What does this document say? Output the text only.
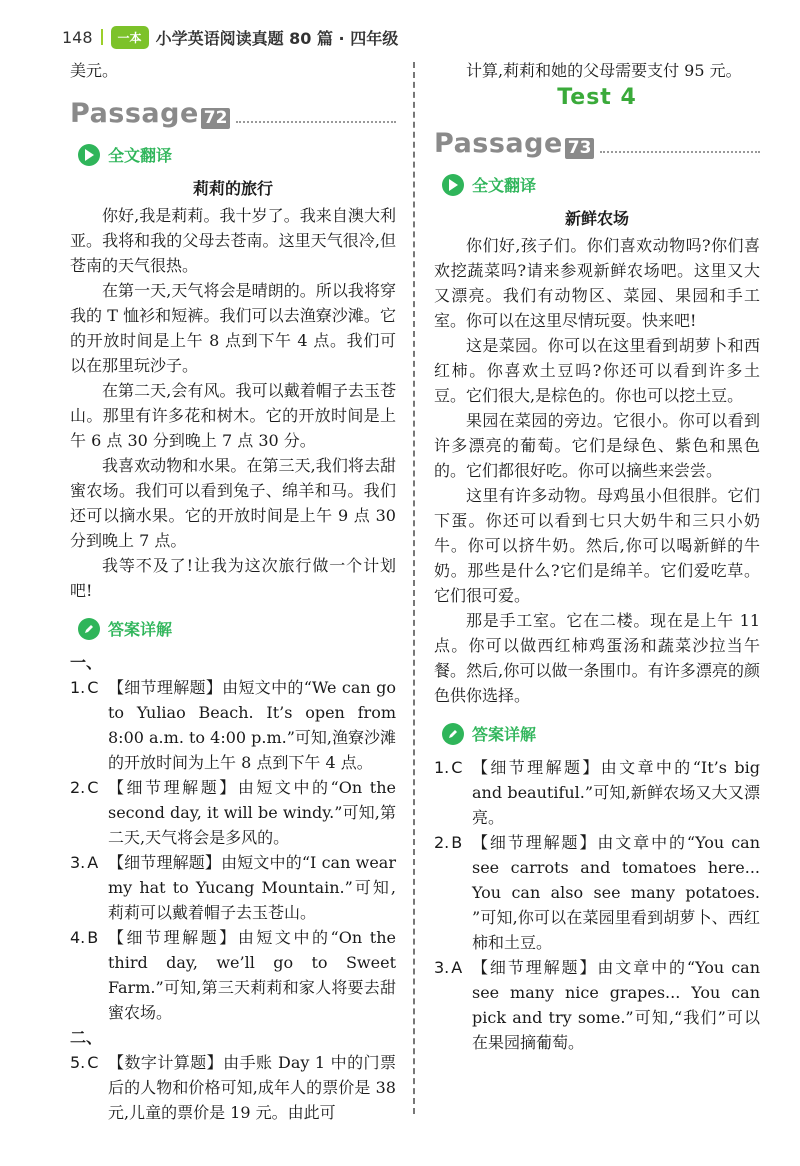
148	一本 小学英语阅读真题 80 篇 · 四年级
美元。
Passage 72
全文翻译
莉莉的旅行
你好,我是莉莉。我十岁了。我来自澳大利亚。我将和我的父母去苍南。这里天气很冷,但苍南的天气很热。
在第一天,天气将会是晴朗的。所以我将穿我的 T 恤衫和短裤。我们可以去渔寮沙滩。它的开放时间是上午 8 点到下午 4 点。我们可以在那里玩沙子。
在第二天,会有风。我可以戴着帽子去玉苍山。那里有许多花和树木。它的开放时间是上午 6 点 30 分到晚上 7 点 30 分。
我喜欢动物和水果。在第三天,我们将去甜蜜农场。我们可以看到兔子、绵羊和马。我们还可以摘水果。它的开放时间是上午 9 点 30 分到晚上 7 点。
我等不及了!让我为这次旅行做一个计划吧!
答案详解
一、
1. C 【细节理解题】由短文中的“We can go to Yuliao Beach. It’s open from 8:00 a.m. to 4:00 p.m.”可知,渔寮沙滩的开放时间为上午 8 点到下午 4 点。
2. C 【细节理解题】由短文中的“On the second day, it will be windy.”可知,第二天,天气将会是多风的。
3. A 【细节理解题】由短文中的“I can wear my hat to Yucang Mountain.”可知,莉莉可以戴着帽子去玉苍山。
4. B 【细节理解题】由短文中的“On the third day, we’ll go to Sweet Farm.”可知,第三天莉莉和家人将要去甜蜜农场。
二、
5. C 【数字计算题】由手账 Day 1 中的门票后的人物和价格可知,成年人的票价是 38 元,儿童的票价是 19 元。由此可
计算,莉莉和她的父母需要支付 95 元。
Test 4
Passage 73
全文翻译
新鲜农场
你们好,孩子们。你们喜欢动物吗?你们喜欢挖蔬菜吗?请来参观新鲜农场吧。这里又大又漂亮。我们有动物区、菜园、果园和手工室。你可以在这里尽情玩耍。快来吧!
这是菜园。你可以在这里看到胡萝卜和西红柿。你喜欢土豆吗?你还可以看到许多土豆。它们很大,是棕色的。你也可以挖土豆。
果园在菜园的旁边。它很小。你可以看到许多漂亮的葡萄。它们是绿色、紫色和黑色的。它们都很好吃。你可以摘些来尝尝。
这里有许多动物。母鸡虽小但很胖。它们下蛋。你还可以看到七只大奶牛和三只小奶牛。你可以挤牛奶。然后,你可以喝新鲜的牛奶。那些是什么?它们是绵羊。它们爱吃草。它们很可爱。
那是手工室。它在二楼。现在是上午 11 点。你可以做西红柿鸡蛋汤和蔬菜沙拉当午餐。然后,你可以做一条围巾。有许多漂亮的颜色供你选择。
答案详解
1. C 【细节理解题】由文章中的“It’s big and beautiful.”可知,新鲜农场又大又漂亮。
2. B 【细节理解题】由文章中的“You can see carrots and tomatoes here... You can also see many potatoes. ”可知,你可以在菜园里看到胡萝卜、西红柿和土豆。
3. A 【细节理解题】由文章中的“You can see many nice grapes... You can pick and try some.”可知,“我们”可以在果园摘葡萄。
